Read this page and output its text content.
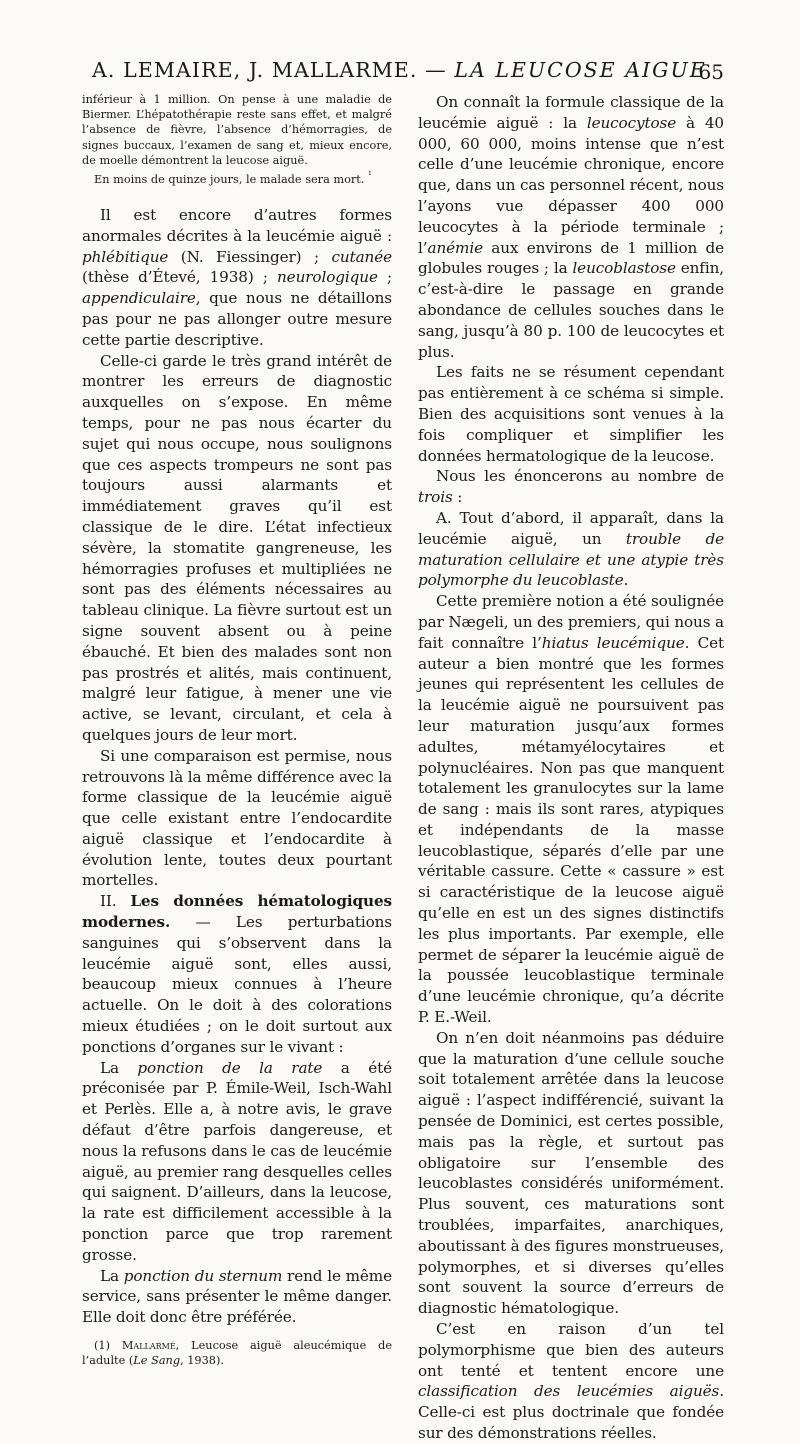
A. LEMAIRE, J. MALLARME. — LA LEUCOSE AIGUE
65

inférieur à 1 million. On pense à une maladie de Biermer. L’hépatothérapie reste sans effet, et malgré l’absence de fièvre, l’absence d’hémorragies, de signes buccaux, l’examen de sang et, mieux encore, de moelle démontrent la leucose aiguë.

En moins de quinze jours, le malade sera mort. $^{^1}$

Il est encore d’autres formes anormales décrites à la leucémie aiguë : phlébitique (N. Fiessinger) ; cutanée (thèse d’Étevé, 1938) ; neurologique ; appendiculaire, que nous ne détaillons pas pour ne pas allonger outre mesure cette partie descriptive.

Celle-ci garde le très grand intérêt de montrer les erreurs de diagnostic auxquelles on s’expose. En même temps, pour ne pas nous écarter du sujet qui nous occupe, nous soulignons que ces aspects trompeurs ne sont pas toujours aussi alarmants et immédiatement graves qu’il est classique de le dire. L’état infectieux sévère, la stomatite gangreneuse, les hémorragies profuses et multipliées ne sont pas des éléments nécessaires au tableau clinique. La fièvre surtout est un signe souvent absent ou à peine ébauché. Et bien des malades sont non pas prostrés et alités, mais continuent, malgré leur fatigue, à mener une vie active, se levant, circulant, et cela à quelques jours de leur mort.

Si une comparaison est permise, nous retrouvons là la même différence avec la forme classique de la leucémie aiguë que celle existant entre l’endocardite aiguë classique et l’endocardite à évolution lente, toutes deux pourtant mortelles.

II. Les données hématologiques modernes. — Les perturbations sanguines qui s’observent dans la leucémie aiguë sont, elles aussi, beaucoup mieux connues à l’heure actuelle. On le doit à des colorations mieux étudiées ; on le doit surtout aux ponctions d’organes sur le vivant :

La ponction de la rate a été préconisée par P. Émile-Weil, Isch-Wahl et Perlès. Elle a, à notre avis, le grave défaut d’être parfois dangereuse, et nous la refusons dans le cas de leucémie aiguë, au premier rang desquelles celles qui saignent. D’ailleurs, dans la leucose, la rate est difficilement accessible à la ponction parce que trop rarement grosse.

La ponction du sternum rend le même service, sans présenter le même danger. Elle doit donc être préférée.

(1) Mallarmé, Leucose aiguë aleucémique de l’adulte (Le Sang, 1938).

On connaît la formule classique de la leucémie aiguë : la leucocytose à 40 000, 60 000, moins intense que n’est celle d’une leucémie chronique, encore que, dans un cas personnel récent, nous l’ayons vue dépasser 400 000 leucocytes à la période terminale ; l’anémie aux environs de 1 million de globules rouges ; la leucoblastose enfin, c’est-à-dire le passage en grande abondance de cellules souches dans le sang, jusqu’à 80 p. 100 de leucocytes et plus.

Les faits ne se résument cependant pas entièrement à ce schéma si simple. Bien des acquisitions sont venues à la fois compliquer et simplifier les données hermatologique de la leucose.

Nous les énoncerons au nombre de trois :

A. Tout d’abord, il apparaît, dans la leucémie aiguë, un trouble de maturation cellulaire et une atypie très polymorphe du leucoblaste.

Cette première notion a été soulignée par Nægeli, un des premiers, qui nous a fait connaître l’hiatus leucémique. Cet auteur a bien montré que les formes jeunes qui représentent les cellules de la leucémie aiguë ne poursuivent pas leur maturation jusqu’aux formes adultes, métamyélocytaires et polynucléaires. Non pas que manquent totalement les granulocytes sur la lame de sang : mais ils sont rares, atypiques et indépendants de la masse leucoblastique, séparés d’elle par une véritable cassure. Cette « cassure » est si caractéristique de la leucose aiguë qu’elle en est un des signes distinctifs les plus importants. Par exemple, elle permet de séparer la leucémie aiguë de la poussée leucoblastique terminale d’une leucémie chronique, qu’a décrite P. E.-Weil.

On n’en doit néanmoins pas déduire que la maturation d’une cellule souche soit totalement arrêtée dans la leucose aiguë : l’aspect indifférencié, suivant la pensée de Dominici, est certes possible, mais pas la règle, et surtout pas obligatoire sur l’ensemble des leucoblastes considérés uniformément. Plus souvent, ces maturations sont troublées, imparfaites, anarchiques, aboutissant à des figures monstrueuses, polymorphes, et si diverses qu’elles sont souvent la source d’erreurs de diagnostic hématologique.

C’est en raison d’un tel polymorphisme que bien des auteurs ont tenté et tentent encore une classification des leucémies aiguës. Celle-ci est plus doctrinale que fondée sur des démonstrations réelles.
